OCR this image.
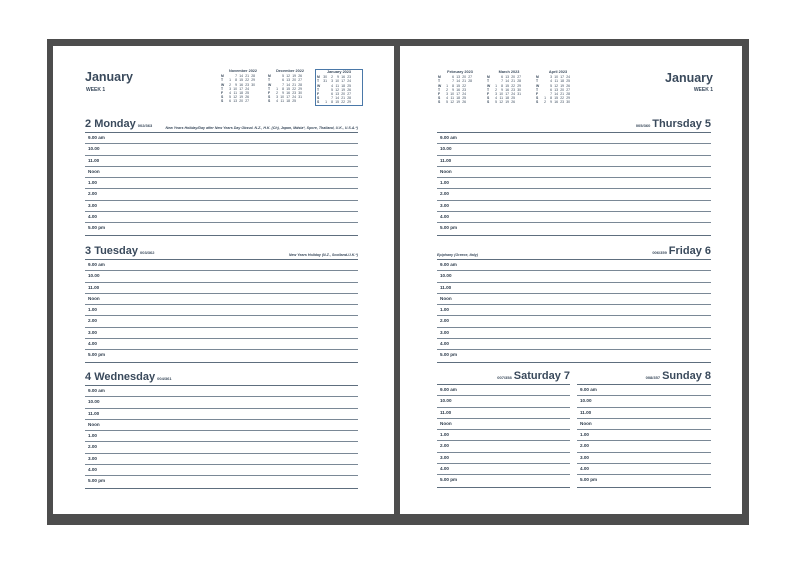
January
WEEK 1
November 2022
M	7 14 21 28
T	1	8 15 22 29
W	2	9 16 23 30
T	3 10 17 24
F	4 11 18 25
S	5 12 19 26
S	6 13 20 27
December 2022
M	5 12 19 26
T	6 13 20 27
W	7 14 21 28
T	1	8 15 22 29
F	2	9 16 23 30
S	3 10 17 24 31
S	4 11 18 25
January 2023
M 30	2	9 16 23
T	31	3 10 17 24
W	4 11 18 25
T	5 12 19 26
F	6 13 20 27
S	7 14 21 28
S	1	8 15 22 29
2 Monday 002/363	New Years Holiday/Day after New Years Day Obsvd. N.Z., H.K. (Ch), Japan, Mdsia*, Spore, Thailand, U.K., U.S.A.*)
9.00 am
10.00
11.00
Noon
1.00
2.00
3.00
4.00
5.00 pm
3 Tuesday 003/362	New Years Holiday (N.Z., Scotland-U.K.*)
9.00 am
10.00
11.00
Noon
1.00
2.00
3.00
4.00
5.00 pm
4 Wednesday 004/361
9.00 am
10.00
11.00
Noon
1.00
2.00
3.00
4.00
5.00 pm
January
WEEK 1
February 2023
M	6 13 20 27
T	7 14 21 28
W	1	8 15 22
T	2	9 16 23
F	3 10 17 24
S	4 11 18 25
S	5 12 19 26
March 2023
M	6 13 20 27
T	7 14 21 28
W	1	8 15 22 29
T	2	9 16 23 30
F	3 10 17 24 31
S	4 11 18 25
S	5 12 19 26
April 2023
M	3 10 17 24
T	4 11 18 25
W	5 12 19 26
T	6 13 20 27
F	7 14 21 28
S	1	8 15 22 29
S	2	9 16 23 30
005/360 Thursday 5
9.00 am
10.00
11.00
Noon
1.00
2.00
3.00
4.00
5.00 pm
006/359 Friday 6
Epiphany (Greece, Italy)
9.00 am
10.00
11.00
Noon
1.00
2.00
3.00
4.00
5.00 pm
007/358 Saturday 7
9.00 am
10.00
11.00
Noon
1.00
2.00
3.00
4.00
5.00 pm
008/357 Sunday 8
9.00 am
10.00
11.00
Noon
1.00
2.00
3.00
4.00
5.00 pm
